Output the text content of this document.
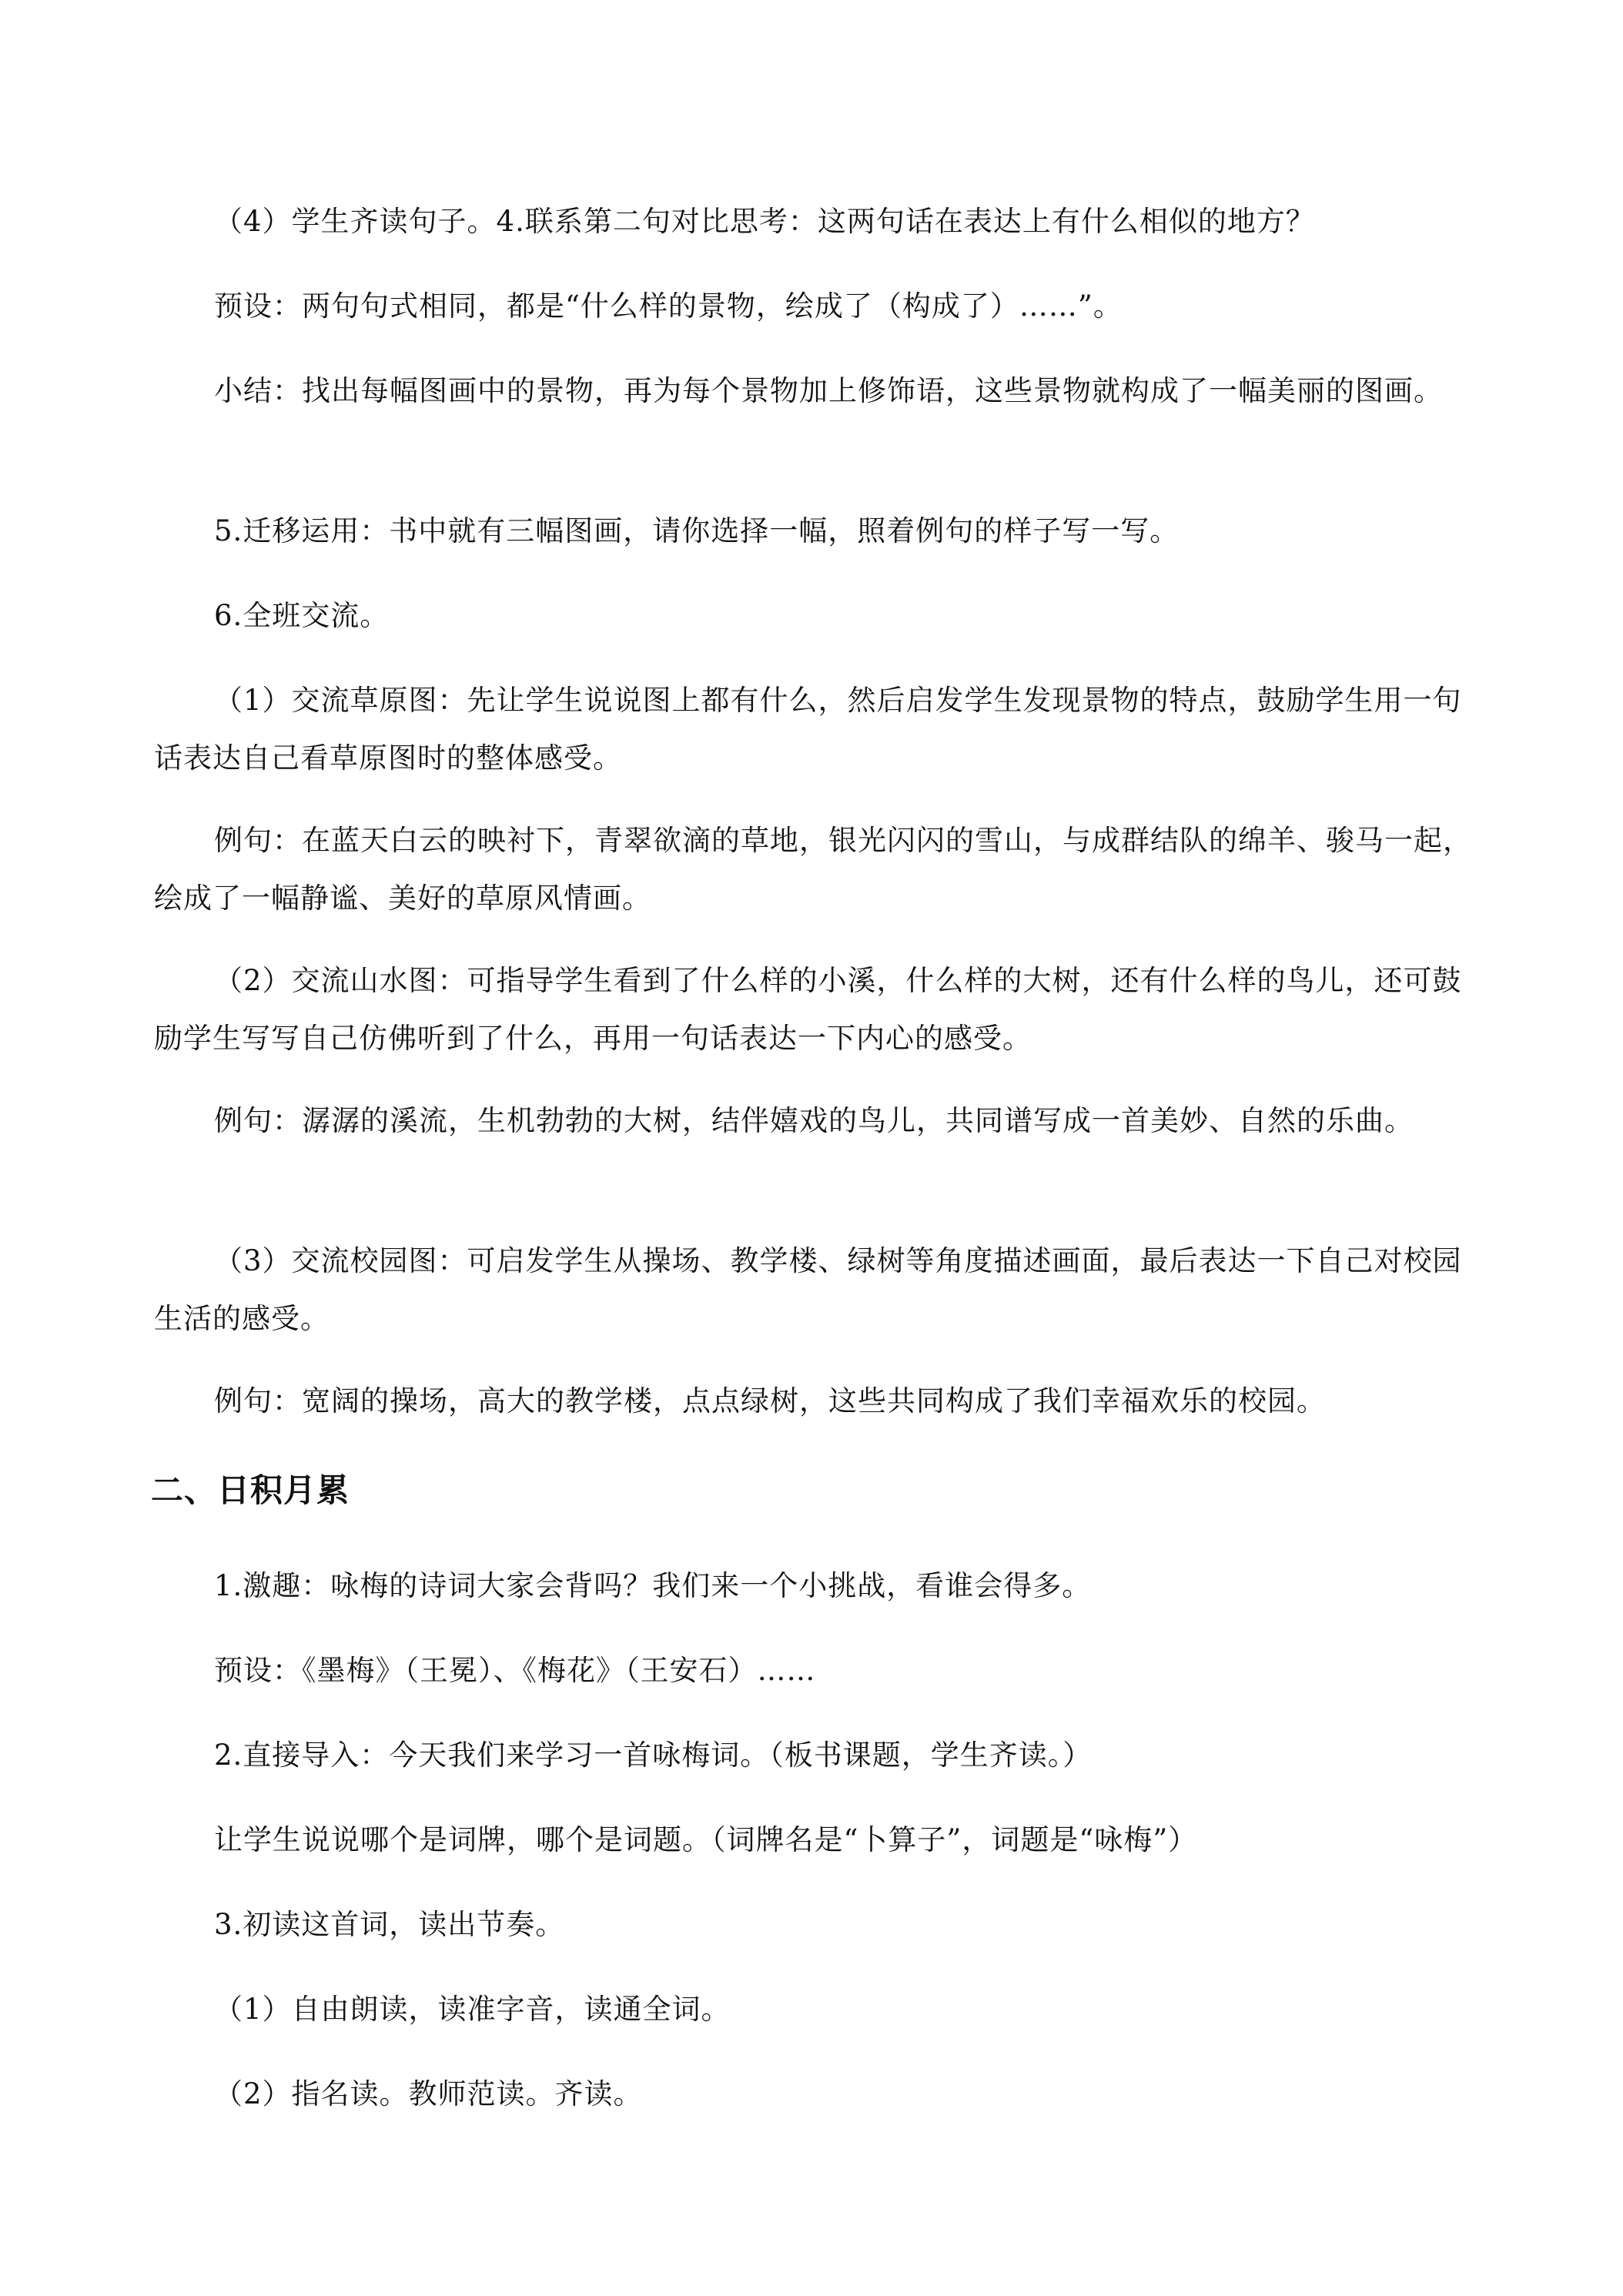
（4）学生齐读句子。4.联系第二句对比思考：这两句话在表达上有什么相似的地方？

预设：两句句式相同，都是“什么样的景物，绘成了（构成了）……”。

小结：找出每幅图画中的景物，再为每个景物加上修饰语，这些景物就构成了一幅美丽的图画。

5.迁移运用：书中就有三幅图画，请你选择一幅，照着例句的样子写一写。

6.全班交流。

（1）交流草原图：先让学生说说图上都有什么，然后启发学生发现景物的特点，鼓励学生用一句话表达自己看草原图时的整体感受。

例句：在蓝天白云的映衬下，青翠欲滴的草地，银光闪闪的雪山，与成群结队的绵羊、骏马一起，绘成了一幅静谧、美好的草原风情画。

（2）交流山水图：可指导学生看到了什么样的小溪，什么样的大树，还有什么样的鸟儿，还可鼓励学生写写自己仿佛听到了什么，再用一句话表达一下内心的感受。

例句：潺潺的溪流，生机勃勃的大树，结伴嬉戏的鸟儿，共同谱写成一首美妙、自然的乐曲。

（3）交流校园图：可启发学生从操场、教学楼、绿树等角度描述画面，最后表达一下自己对校园生活的感受。

例句：宽阔的操场，高大的教学楼，点点绿树，这些共同构成了我们幸福欢乐的校园。

二、日积月累

1.激趣：咏梅的诗词大家会背吗？我们来一个小挑战，看谁会得多。

预设：《墨梅》（王冕）、《梅花》（王安石）……

2.直接导入：今天我们来学习一首咏梅词。（板书课题，学生齐读。）

让学生说说哪个是词牌，哪个是词题。（词牌名是“卜算子”，词题是“咏梅”）

3.初读这首词，读出节奏。

（1）自由朗读，读准字音，读通全词。

（2）指名读。教师范读。齐读。
